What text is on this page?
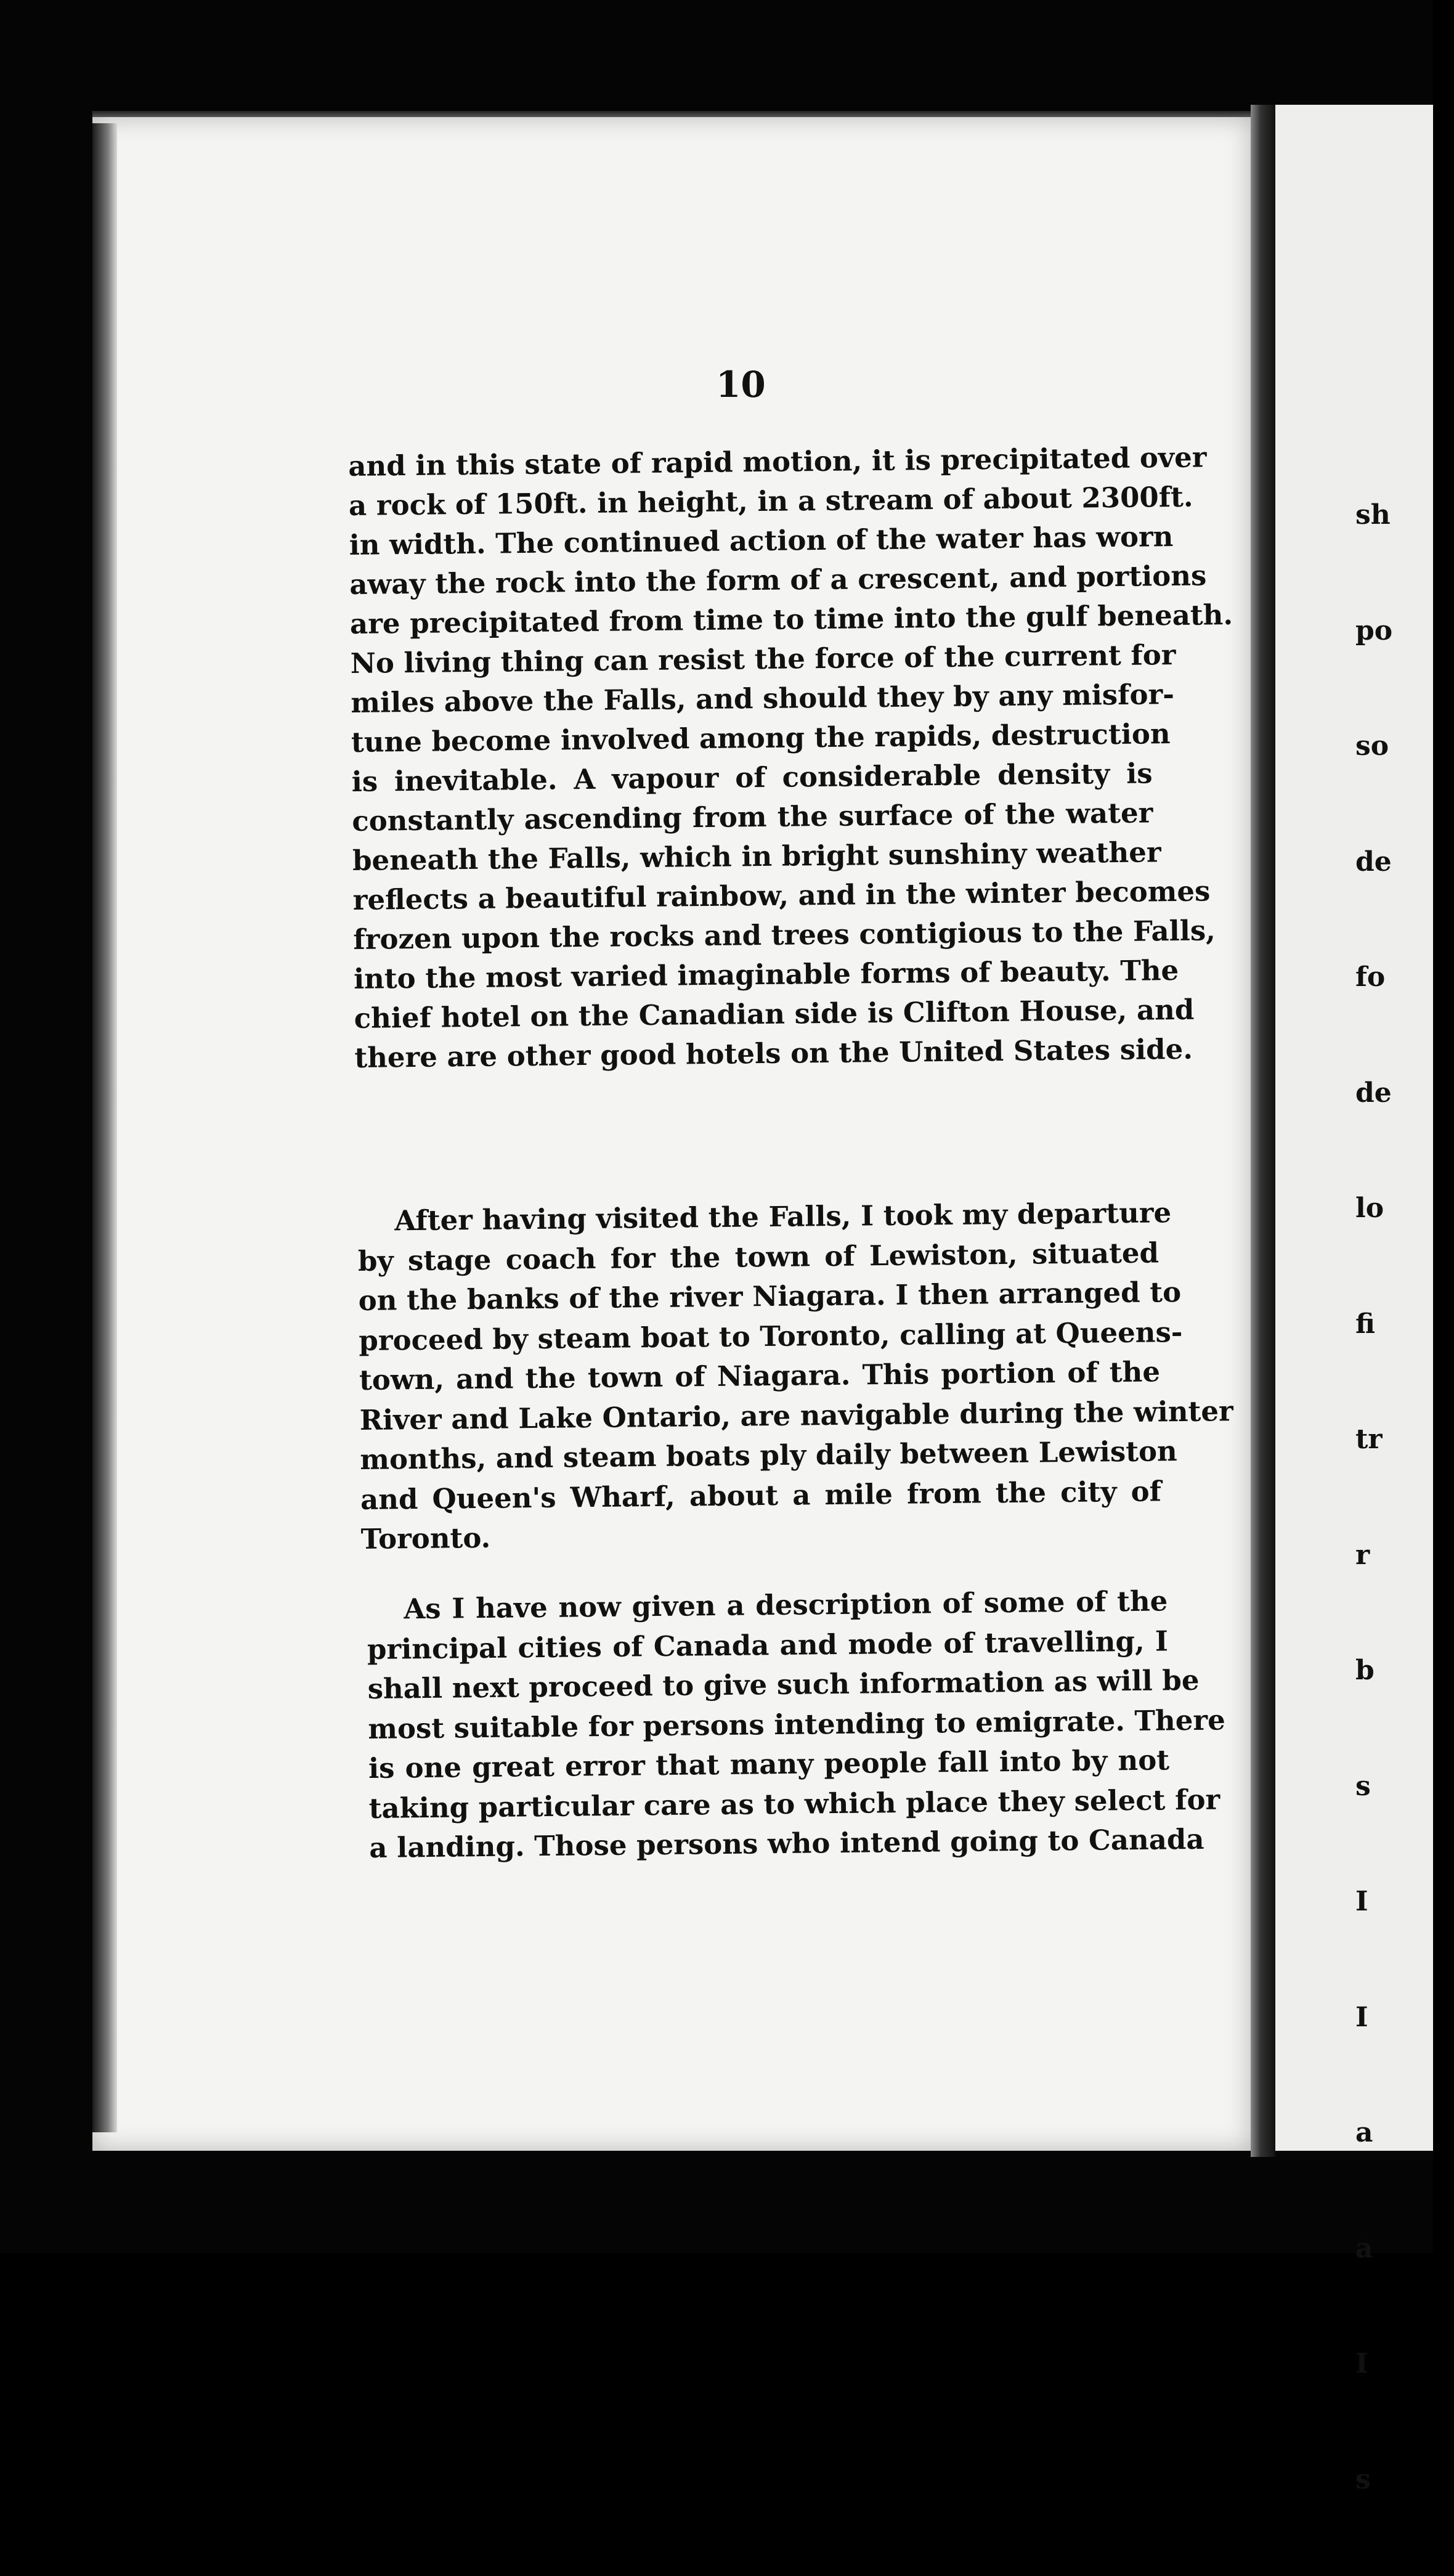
sh

po

so

de

fo

de

lo

fi

tr

r

b

s

I

I

a

a

I

s

10
and in this state of rapid motion, it is precipitated over
a rock of 150ft. in height, in a stream of about 2300ft.
in width. The continued action of the water has worn
away the rock into the form of a crescent, and portions
are precipitated from time to time into the gulf beneath.
No living thing can resist the force of the current for
miles above the Falls, and should they by any misfor-
tune become involved among the rapids, destruction
is inevitable. A vapour of considerable density is
constantly ascending from the surface of the water
beneath the Falls, which in bright sunshiny weather
reflects a beautiful rainbow, and in the winter becomes
frozen upon the rocks and trees contigious to the Falls,
into the most varied imaginable forms of beauty. The
chief hotel on the Canadian side is Clifton House, and
there are other good hotels on the United States side.
After having visited the Falls, I took my departure
by stage coach for the town of Lewiston, situated
on the banks of the river Niagara. I then arranged to
proceed by steam boat to Toronto, calling at Queens-
town, and the town of Niagara. This portion of the
River and Lake Ontario, are navigable during the winter
months, and steam boats ply daily between Lewiston
and Queen's Wharf, about a mile from the city of
Toronto.
As I have now given a description of some of the
principal cities of Canada and mode of travelling, I
shall next proceed to give such information as will be
most suitable for persons intending to emigrate. There
is one great error that many people fall into by not
taking particular care as to which place they select for
a landing. Those persons who intend going to Canada
